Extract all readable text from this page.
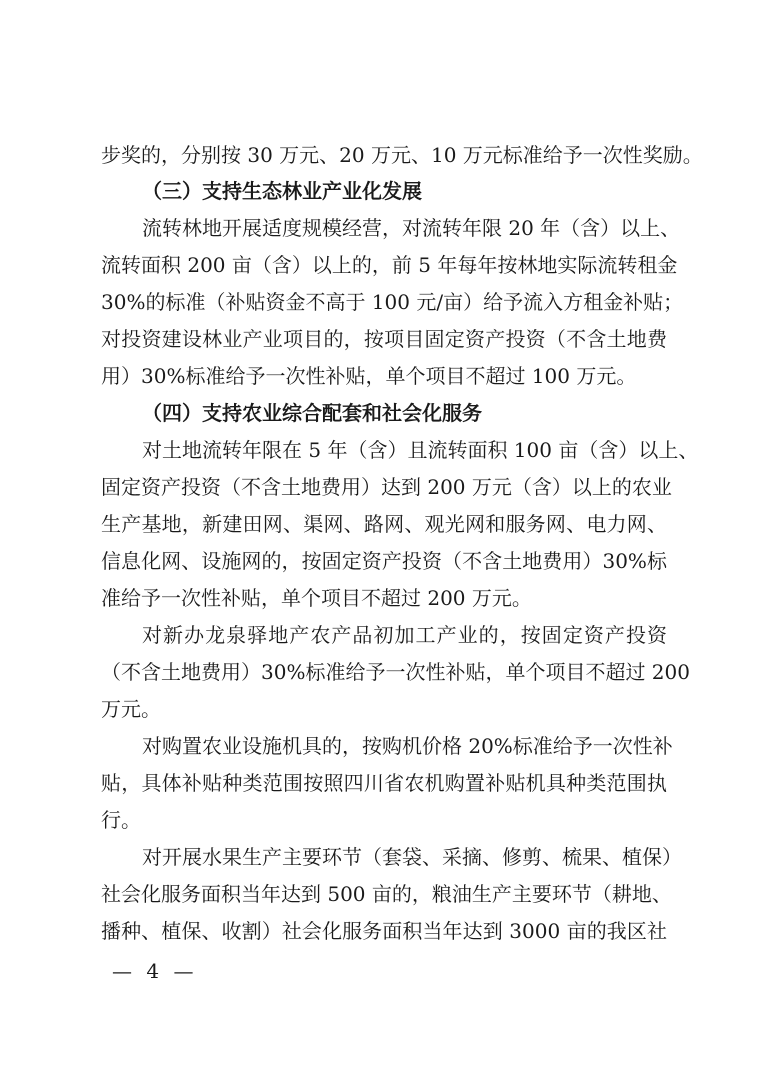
步奖的，分别按 30 万元、20 万元、10 万元标准给予一次性奖励。
（三）支持生态林业产业化发展
流转林地开展适度规模经营，对流转年限 20 年（含）以上、
流转面积 200 亩（含）以上的，前 5 年每年按林地实际流转租金
30%的标准（补贴资金不高于 100 元/亩）给予流入方租金补贴；
对投资建设林业产业项目的，按项目固定资产投资（不含土地费
用）30%标准给予一次性补贴，单个项目不超过 100 万元。
（四）支持农业综合配套和社会化服务
对土地流转年限在 5 年（含）且流转面积 100 亩（含）以上、
固定资产投资（不含土地费用）达到 200 万元（含）以上的农业
生产基地，新建田网、渠网、路网、观光网和服务网、电力网、
信息化网、设施网的，按固定资产投资（不含土地费用）30%标
准给予一次性补贴，单个项目不超过 200 万元。
对新办龙泉驿地产农产品初加工产业的，按固定资产投资
（不含土地费用）30%标准给予一次性补贴，单个项目不超过 200
万元。
对购置农业设施机具的，按购机价格 20%标准给予一次性补
贴，具体补贴种类范围按照四川省农机购置补贴机具种类范围执
行。
对开展水果生产主要环节（套袋、采摘、修剪、梳果、植保）
社会化服务面积当年达到 500 亩的，粮油生产主要环节（耕地、
播种、植保、收割）社会化服务面积当年达到 3000 亩的我区社
— 4 —
